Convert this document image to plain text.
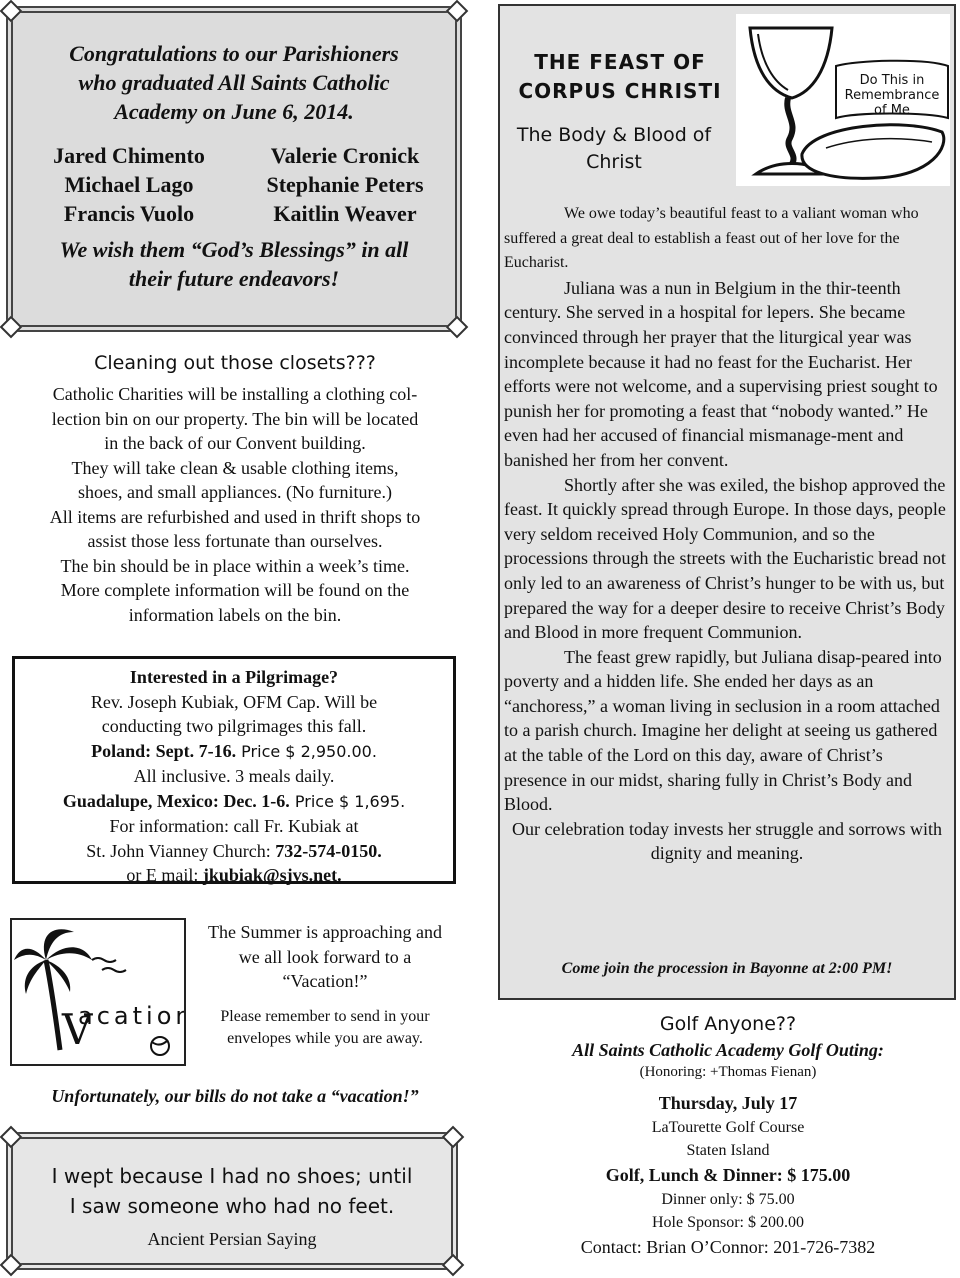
Congratulations to our Parishioners
who graduated All Saints Catholic
Academy on June 6, 2014.
Jared Chimento	Valerie Cronick
Michael Lago	Stephanie Peters
Francis Vuolo	Kaitlin Weaver
We wish them “God’s Blessings” in all
their future endeavors!
Cleaning out those closets???
Catholic Charities will be installing a clothing col-
lection bin on our property. The bin will be located
in the back of our Convent building.
They will take clean & usable clothing items,
shoes, and small appliances. (No furniture.)
All items are refurbished and used in thrift shops to
assist those less fortunate than ourselves.
The bin should be in place within a week’s time.
More complete information will be found on the
information labels on the bin.
Interested in a Pilgrimage?
Rev. Joseph Kubiak, OFM Cap. Will be
conducting two pilgrimages this fall.
Poland: Sept. 7-16. Price $ 2,950.00.
All inclusive. 3 meals daily.
Guadalupe, Mexico: Dec. 1-6. Price $ 1,695.
For information: call Fr. Kubiak at
St. John Vianney Church: 732-574-0150.
or E mail: jkubiak@sjvs.net.
V
acation
The Summer is approaching and we all look forward to a “Vacation!”
Please remember to send in your envelopes while you are away.
Unfortunately, our bills do not take a “vacation!”
I wept because I had no shoes; until
I saw someone who had no feet.
Ancient Persian Saying
THE FEAST OF
CORPUS CHRISTI
The Body & Blood of
Christ
Do This in
Remembrance
of Me

We owe today’s beautiful feast to a valiant woman who suffered a great deal to establish a feast out of her love for the Eucharist.

Juliana was a nun in Belgium in the thir-teenth century. She served in a hospital for lepers. She became convinced through her prayer that the liturgical year was incomplete because it had no feast for the Eucharist. Her efforts were not welcome, and a supervising priest sought to punish her for promoting a feast that “nobody wanted.” He even had her accused of financial mismanage-ment and banished her from her convent.

Shortly after she was exiled, the bishop approved the feast. It quickly spread through Europe. In those days, people very seldom received Holy Communion, and so the processions through the streets with the Eucharistic bread not only led to an awareness of Christ’s hunger to be with us, but prepared the way for a deeper desire to receive Christ’s Body and Blood in more frequent Communion.

The feast grew rapidly, but Juliana disap-peared into poverty and a hidden life. She ended her days as an “anchoress,” a woman living in seclusion in a room attached to a parish church. Imagine her delight at seeing us gathered at the table of the Lord on this day, aware of Christ’s presence in our midst, sharing fully in Christ’s Body and Blood.

Our celebration today invests her struggle and sorrows with dignity and meaning.

Come join the procession in Bayonne at 2:00 PM!
Golf Anyone??
All Saints Catholic Academy Golf Outing:
(Honoring: +Thomas Fienan)
Thursday, July 17
LaTourette Golf Course
Staten Island
Golf, Lunch & Dinner: $ 175.00
Dinner only: $ 75.00
Hole Sponsor: $ 200.00
Contact: Brian O’Connor: 201-726-7382
